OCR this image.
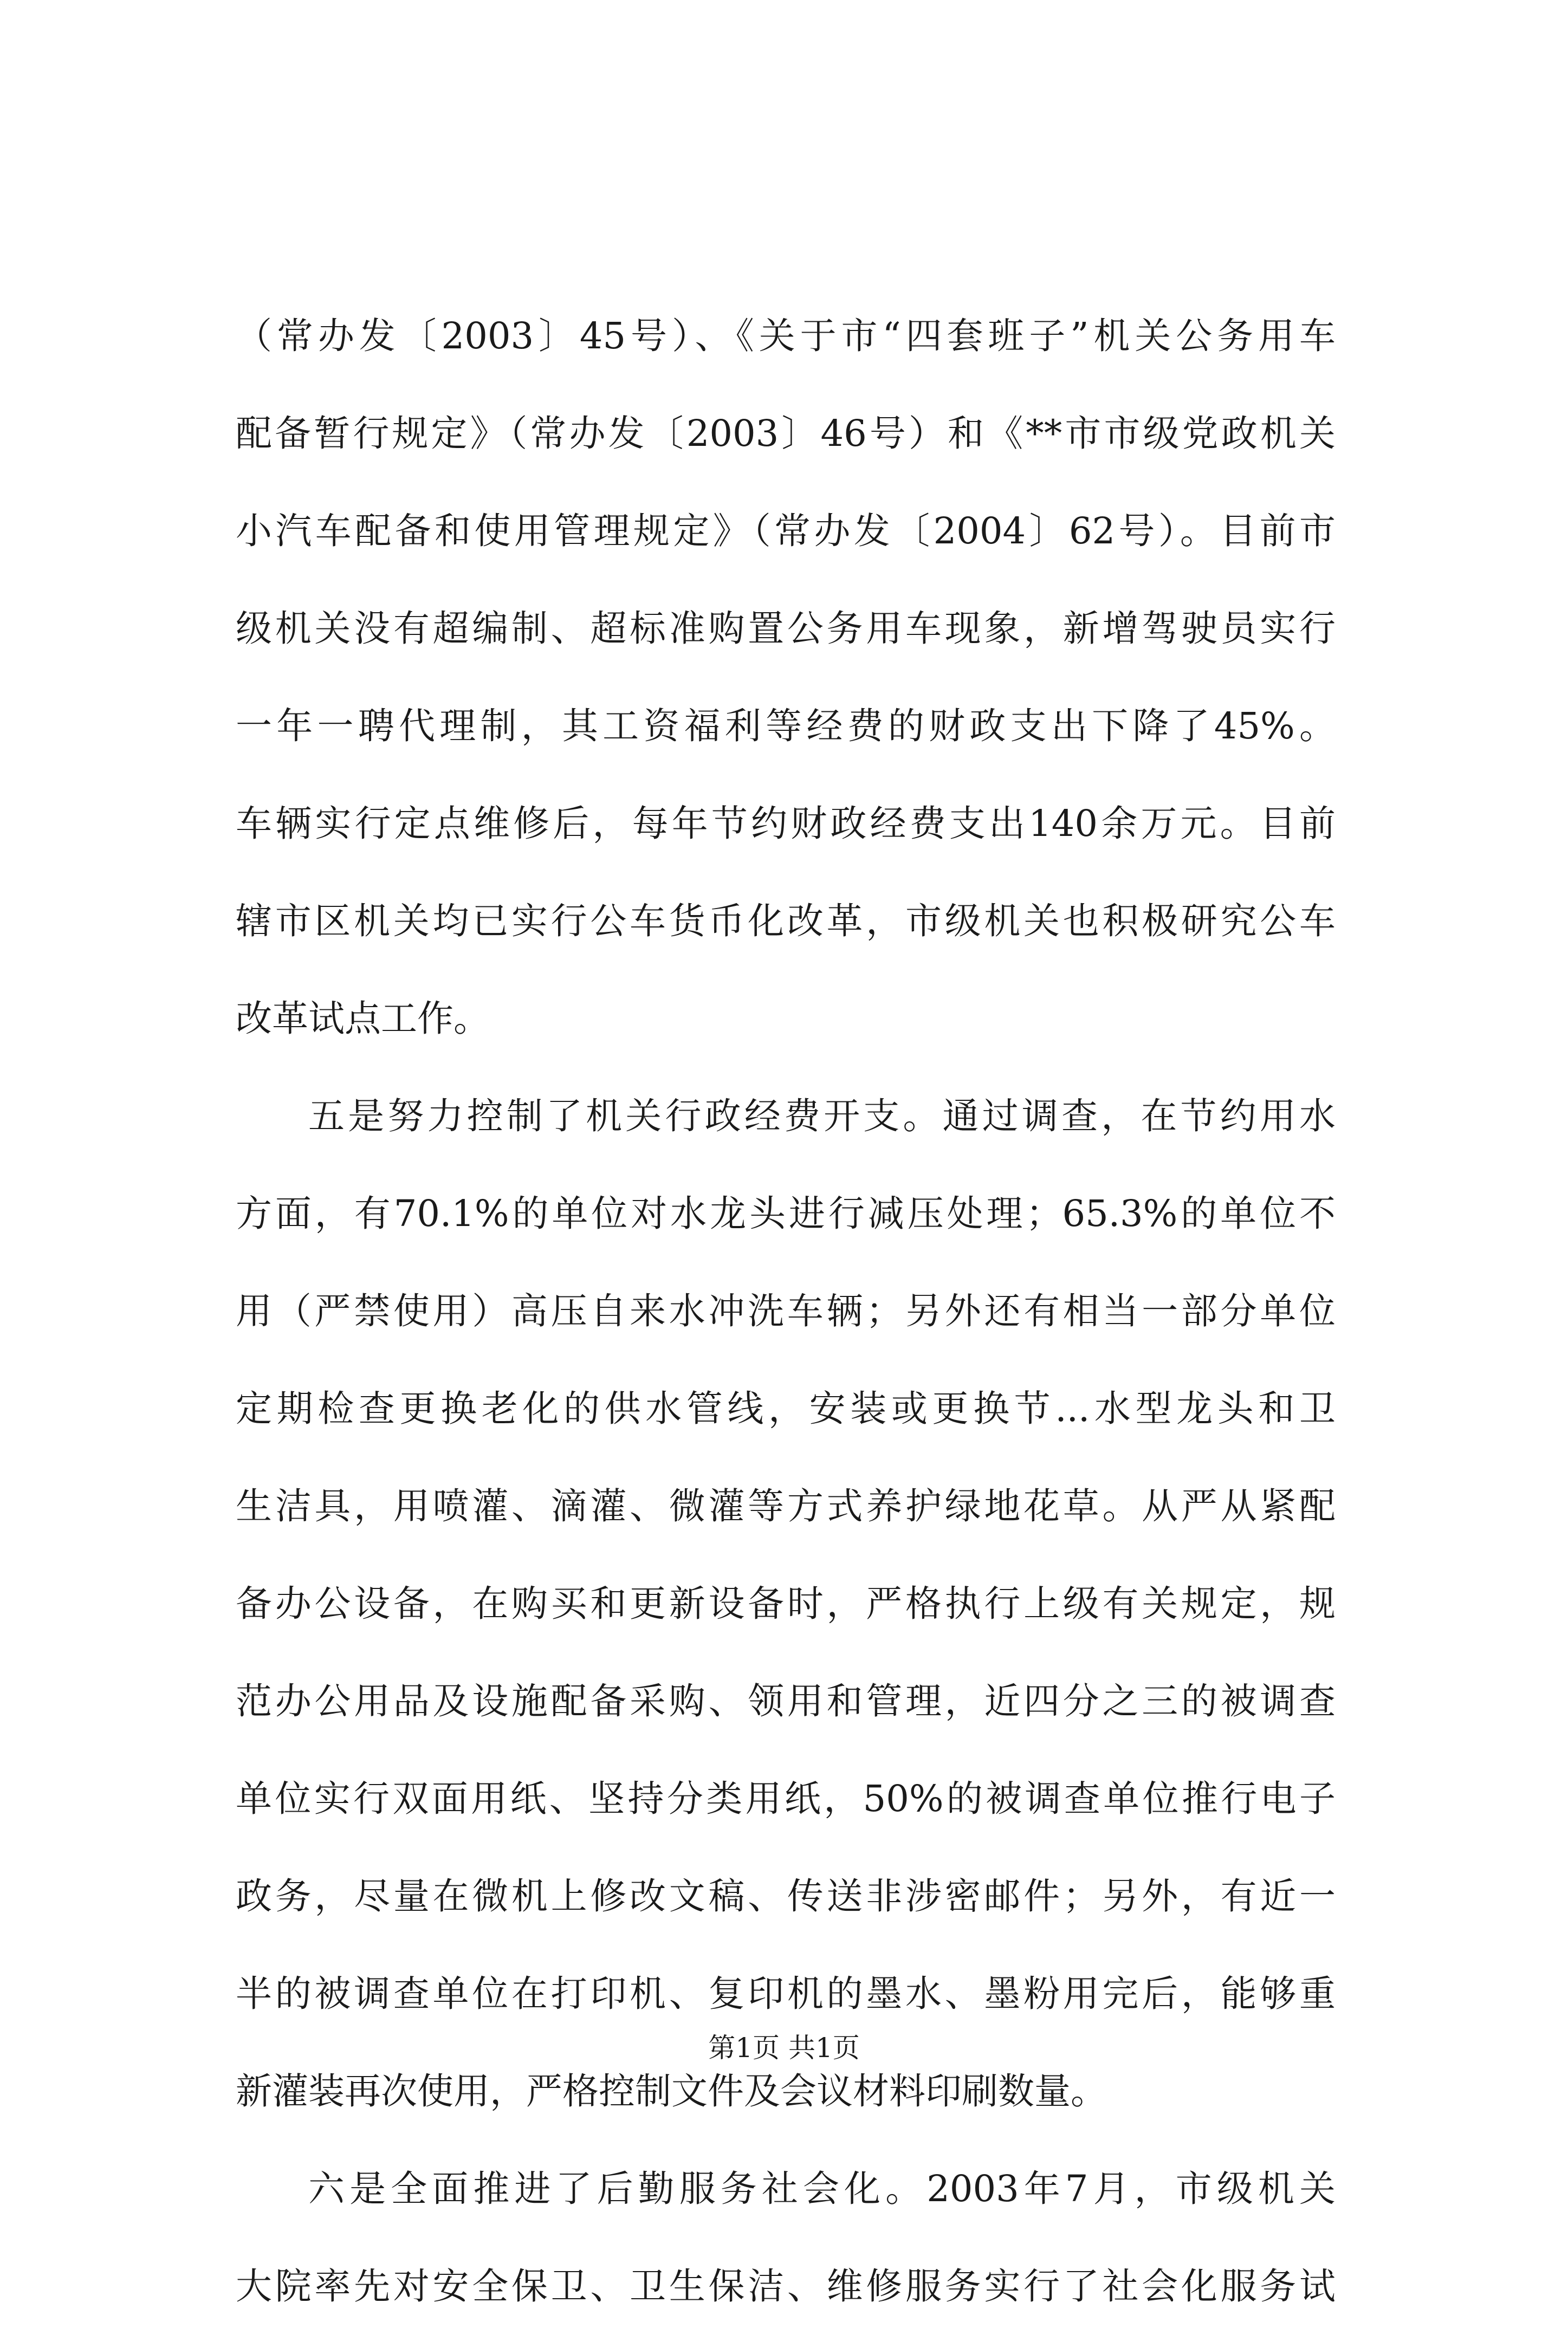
（常办发〔2003〕45号）、《关于市“四套班子”机关公务用车
配备暂行规定》（常办发〔2003〕46号）和《**市市级党政机关
小汽车配备和使用管理规定》（常办发〔2004〕62号）。目前市
级机关没有超编制、超标准购置公务用车现象，新增驾驶员实行
一年一聘代理制，其工资福利等经费的财政支出下降了45%。
车辆实行定点维修后，每年节约财政经费支出140余万元。目前
辖市区机关均已实行公车货币化改革，市级机关也积极研究公车
改革试点工作。
五是努力控制了机关行政经费开支。通过调查，在节约用水
方面，有70.1%的单位对水龙头进行减压处理；65.3%的单位不
用（严禁使用）高压自来水冲洗车辆；另外还有相当一部分单位
定期检查更换老化的供水管线，安装或更换节...水型龙头和卫
生洁具，用喷灌、滴灌、微灌等方式养护绿地花草。从严从紧配
备办公设备，在购买和更新设备时，严格执行上级有关规定，规
范办公用品及设施配备采购、领用和管理，近四分之三的被调查
单位实行双面用纸、坚持分类用纸，50%的被调查单位推行电子
政务，尽量在微机上修改文稿、传送非涉密邮件；另外，有近一
半的被调查单位在打印机、复印机的墨水、墨粉用完后，能够重
新灌装再次使用，严格控制文件及会议材料印刷数量。
六是全面推进了后勤服务社会化。2003年7月，市级机关
大院率先对安全保卫、卫生保洁、维修服务实行了社会化服务试
第1页 共1页
